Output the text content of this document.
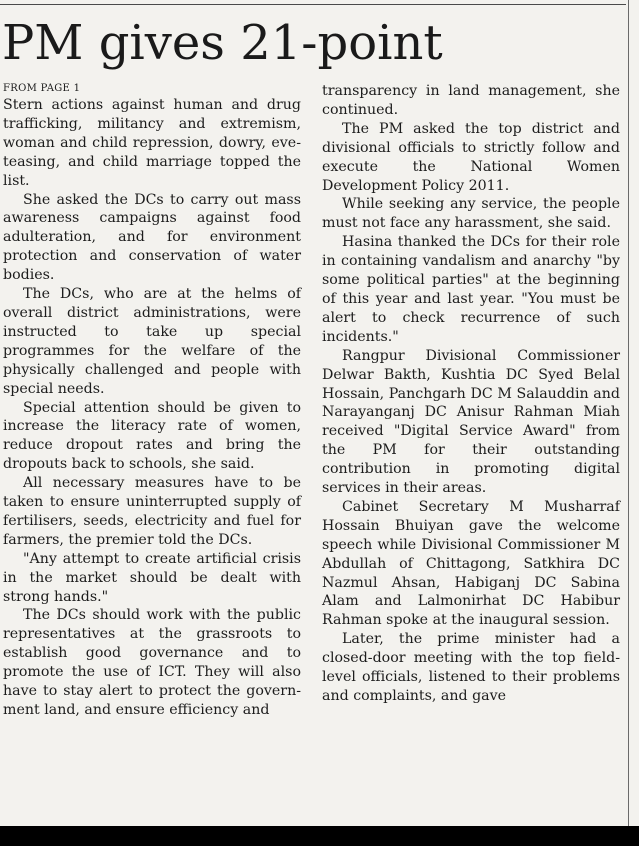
PM gives 21-point
FROM PAGE 1

Stern actions against human and drug trafficking, militancy and extremism, woman and child repression, dowry, eve-teasing, and child marriage topped the list.

She asked the DCs to carry out mass awareness campaigns against food adulteration, and for environment protection and conservation of water bodies.

The DCs, who are at the helms of overall district administrations, were instructed to take up special programmes for the welfare of the physically challenged and people with special needs.

Special attention should be given to increase the literacy rate of women, reduce dropout rates and bring the dropouts back to schools, she said.

All necessary measures have to be taken to ensure uninterrupted supply of fertilisers, seeds, electricity and fuel for farmers, the premier told the DCs.

"Any attempt to create artificial crisis in the market should be dealt with strong hands."

The DCs should work with the public representatives at the grassroots to establish good governance and to promote the use of ICT. They will also have to stay alert to protect the government land, and ensure efficiency and

transparency in land management, she continued.

The PM asked the top district and divisional officials to strictly follow and execute the National Women Development Policy 2011.

While seeking any service, the people must not face any harassment, she said.

Hasina thanked the DCs for their role in containing vandalism and anarchy "by some political parties" at the beginning of this year and last year. "You must be alert to check recurrence of such incidents."

Rangpur Divisional Commissioner Delwar Bakth, Kushtia DC Syed Belal Hossain, Panchgarh DC M Salauddin and Narayanganj DC Anisur Rahman Miah received "Digital Service Award" from the PM for their outstanding contribution in promoting digital services in their areas.

Cabinet Secretary M Musharraf Hossain Bhuiyan gave the welcome speech while Divisional Commissioner M Abdullah of Chittagong, Satkhira DC Nazmul Ahsan, Habiganj DC Sabina Alam and Lalmonirhat DC Habibur Rahman spoke at the inaugural session.

Later, the prime minister had a closed-door meeting with the top field-level officials, listened to their problems and complaints, and gave
